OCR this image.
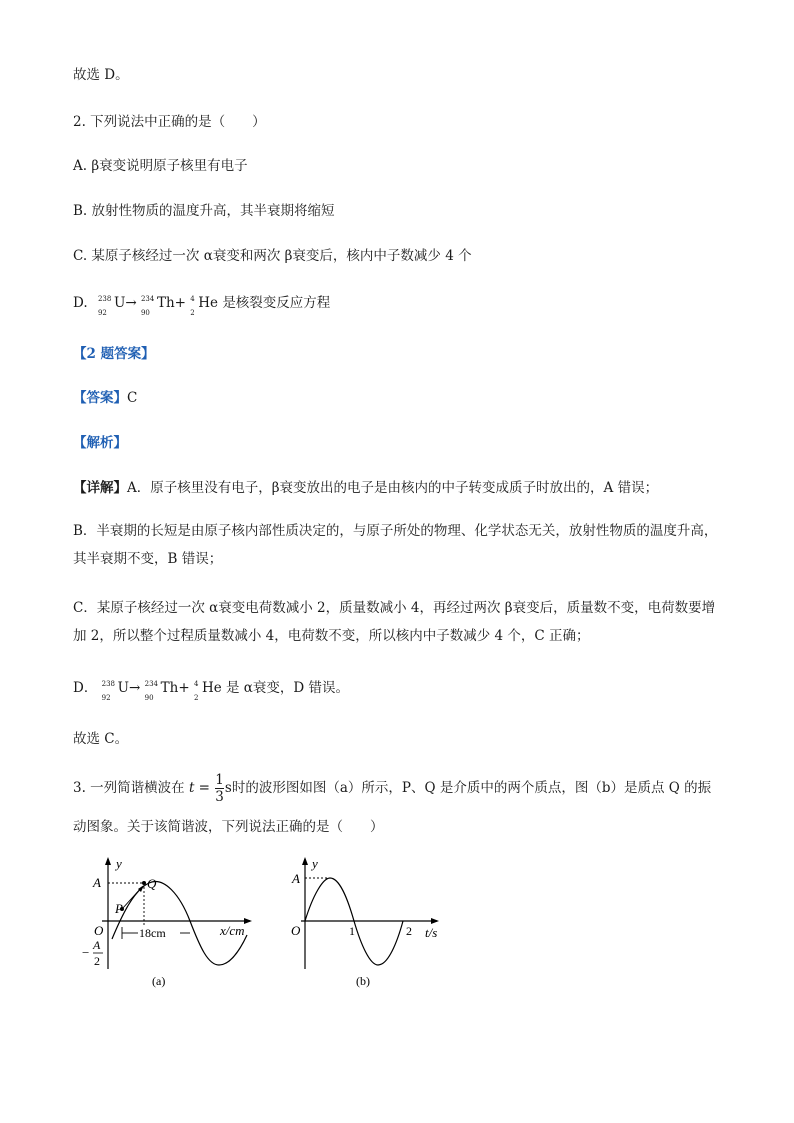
故选 D。
2. 下列说法中正确的是（　　）
A. β衰变说明原子核里有电子
B. 放射性物质的温度升高，其半衰期将缩短
C. 某原子核经过一次 α衰变和两次 β衰变后，核内中子数减少 4 个
D. 238
92
U→ 234
90
Th+ 4
2
He 是核裂变反应方程
【2 题答案】
【答案】C
【解析】
【详解】A．原子核里没有电子，β衰变放出的电子是由核内的中子转变成质子时放出的，A 错误；
B．半衰期的长短是由原子核内部性质决定的，与原子所处的物理、化学状态无关，放射性物质的温度升高，其半衰期不变，B 错误；
C．某原子核经过一次 α衰变电荷数减小 2，质量数减小 4，再经过两次 β衰变后，质量数不变，电荷数要增加 2，所以整个过程质量数减小 4，电荷数不变，所以核内中子数减少 4 个，C 正确；
D． 238
92
U→ 234
90
Th+ 4
2
He 是 α衰变，D 错误。
故选 C。
3. 一列简谐横波在 $t = \frac{1}{3}$ s时的波形图如图（a）所示，P、Q 是介质中的两个质点，图（b）是质点 Q 的振
动图象。关于该简谐波，下列说法正确的是（　　）
y
A
O
− A
2
P
Q
18cm	x/cm
(a)
y
A
O	1	2 t/s
(b)
